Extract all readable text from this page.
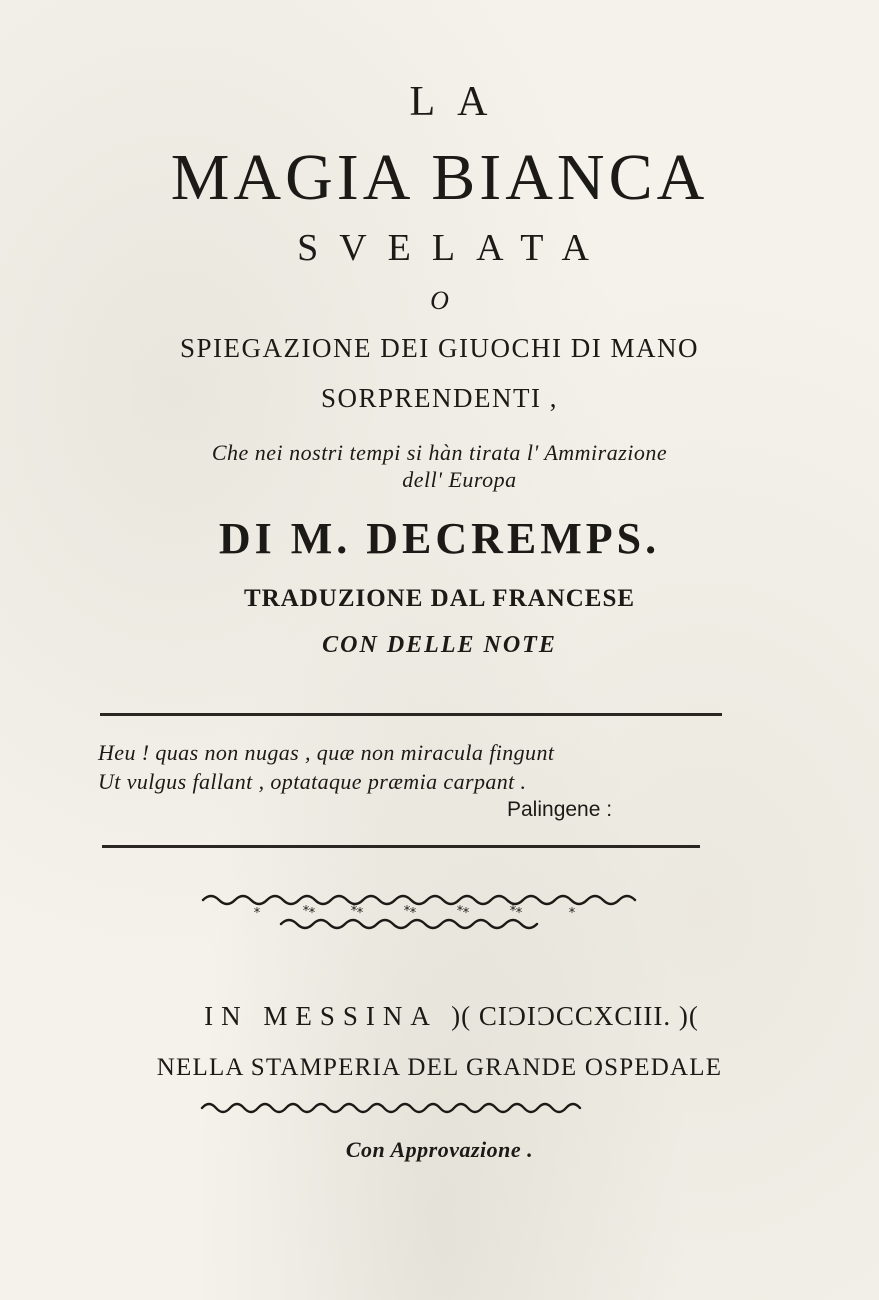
LA
MAGIA BIANCA
SVELATA
O
SPIEGAZIONE DEI GIUOCHI DI MANO
SORPRENDENTI ,
Che nei nostri tempi si hàn tirata l' Ammirazione
dell' Europa
DI M. DECREMPS.
TRADUZIONE DAL FRANCESE
CON DELLE NOTE
Heu ! quas non nugas , quæ non miracula fingunt
Ut vulgus fallant , optataque præmia carpant .
Palingene :
*	* *	* *	* *	* *	* *	*
IN MESSINA )( CIƆIƆCCXCIII. )(
NELLA STAMPERIA DEL GRANDE OSPEDALE
Con Approvazione .
